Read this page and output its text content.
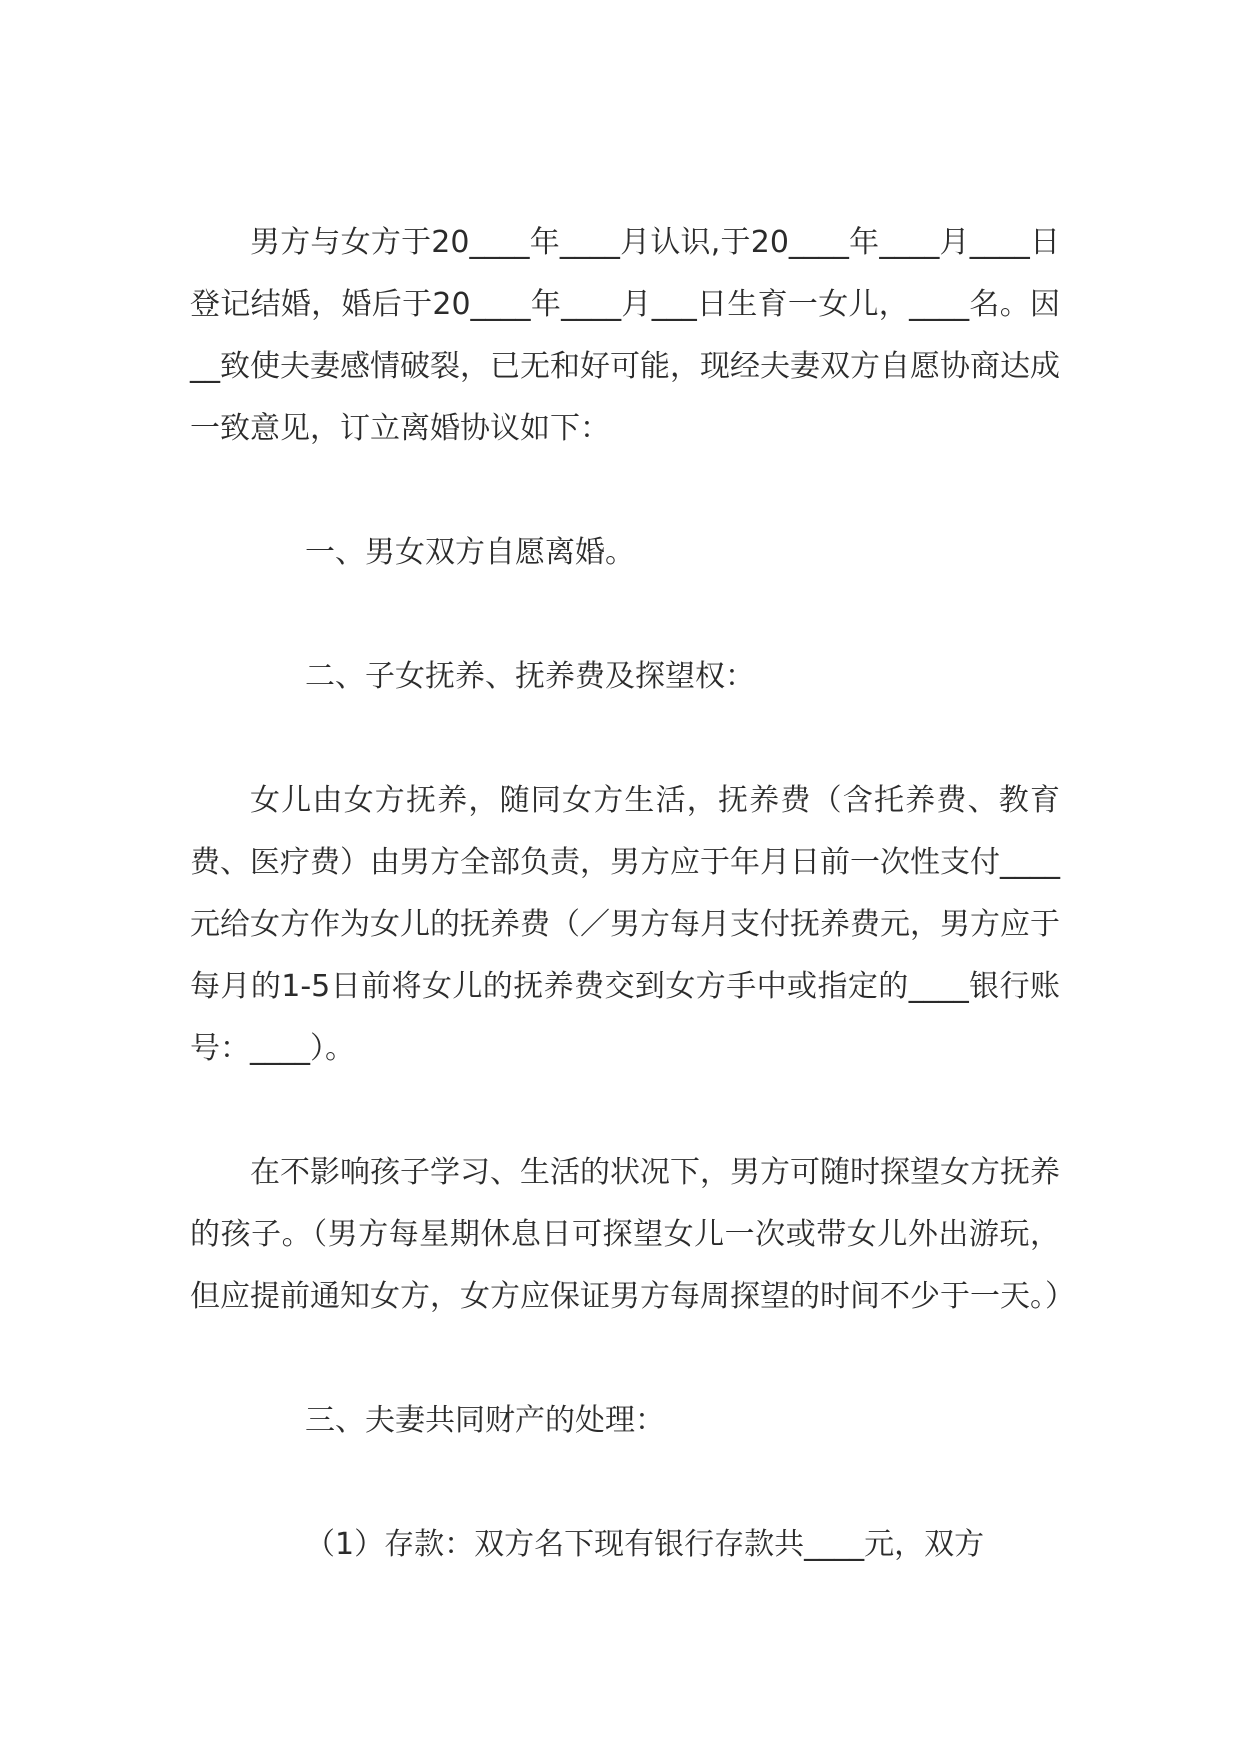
男方与女方于20____年____月认识,于20____年____月____日登记结婚，婚后于20____年____月___日生育一女儿，____名。因__致使夫妻感情破裂，已无和好可能，现经夫妻双方自愿协商达成一致意见，订立离婚协议如下：

一、男女双方自愿离婚。

二、子女抚养、抚养费及探望权：

女儿由女方抚养，随同女方生活，抚养费（含托养费、教育费、医疗费）由男方全部负责，男方应于年月日前一次性支付____元给女方作为女儿的抚养费（／男方每月支付抚养费元，男方应于每月的1-5日前将女儿的抚养费交到女方手中或指定的____银行账号：____）。

在不影响孩子学习、生活的状况下，男方可随时探望女方抚养的孩子。（男方每星期休息日可探望女儿一次或带女儿外出游玩，但应提前通知女方，女方应保证男方每周探望的时间不少于一天。）

三、夫妻共同财产的处理：

（1）存款：双方名下现有银行存款共____元，双方
